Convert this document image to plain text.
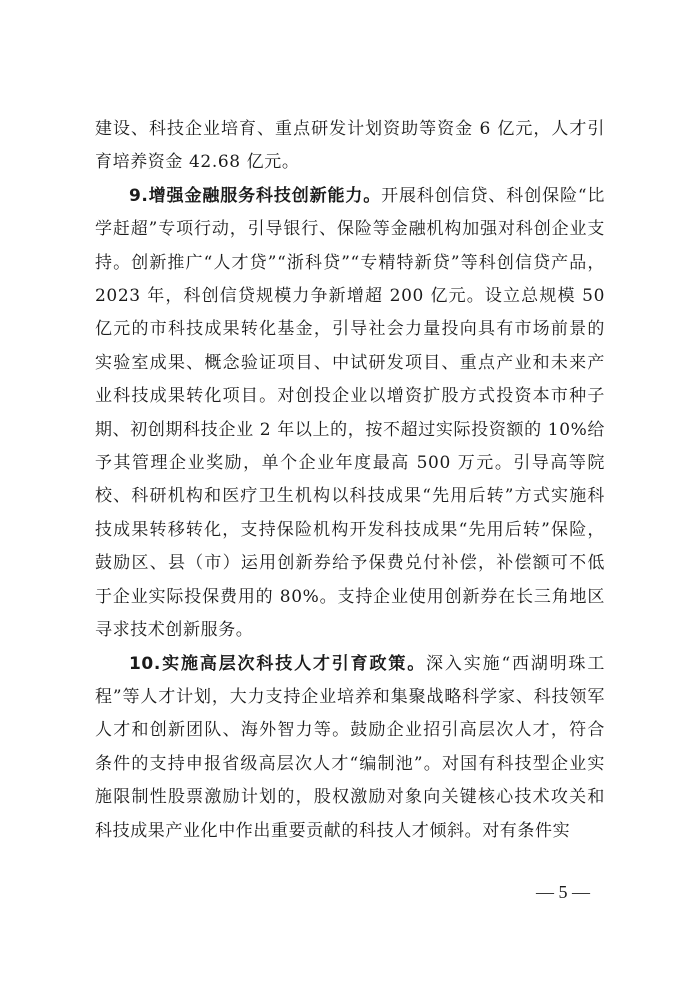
建设、科技企业培育、重点研发计划资助等资金 6 亿元，人才引育培养资金 42.68 亿元。

9.增强金融服务科技创新能力。开展科创信贷、科创保险“比学赶超”专项行动，引导银行、保险等金融机构加强对科创企业支持。创新推广“人才贷”“浙科贷”“专精特新贷”等科创信贷产品，2023 年，科创信贷规模力争新增超 200 亿元。设立总规模 50 亿元的市科技成果转化基金，引导社会力量投向具有市场前景的实验室成果、概念验证项目、中试研发项目、重点产业和未来产业科技成果转化项目。对创投企业以增资扩股方式投资本市种子期、初创期科技企业 2 年以上的，按不超过实际投资额的 10%给予其管理企业奖励，单个企业年度最高 500 万元。引导高等院校、科研机构和医疗卫生机构以科技成果“先用后转”方式实施科技成果转移转化，支持保险机构开发科技成果“先用后转”保险，鼓励区、县（市）运用创新券给予保费兑付补偿，补偿额可不低于企业实际投保费用的 80%。支持企业使用创新券在长三角地区寻求技术创新服务。

10.实施高层次科技人才引育政策。深入实施“西湖明珠工程”等人才计划，大力支持企业培养和集聚战略科学家、科技领军人才和创新团队、海外智力等。鼓励企业招引高层次人才，符合条件的支持申报省级高层次人才“编制池”。对国有科技型企业实施限制性股票激励计划的，股权激励对象向关键核心技术攻关和科技成果产业化中作出重要贡献的科技人才倾斜。对有条件实

— 5 —
